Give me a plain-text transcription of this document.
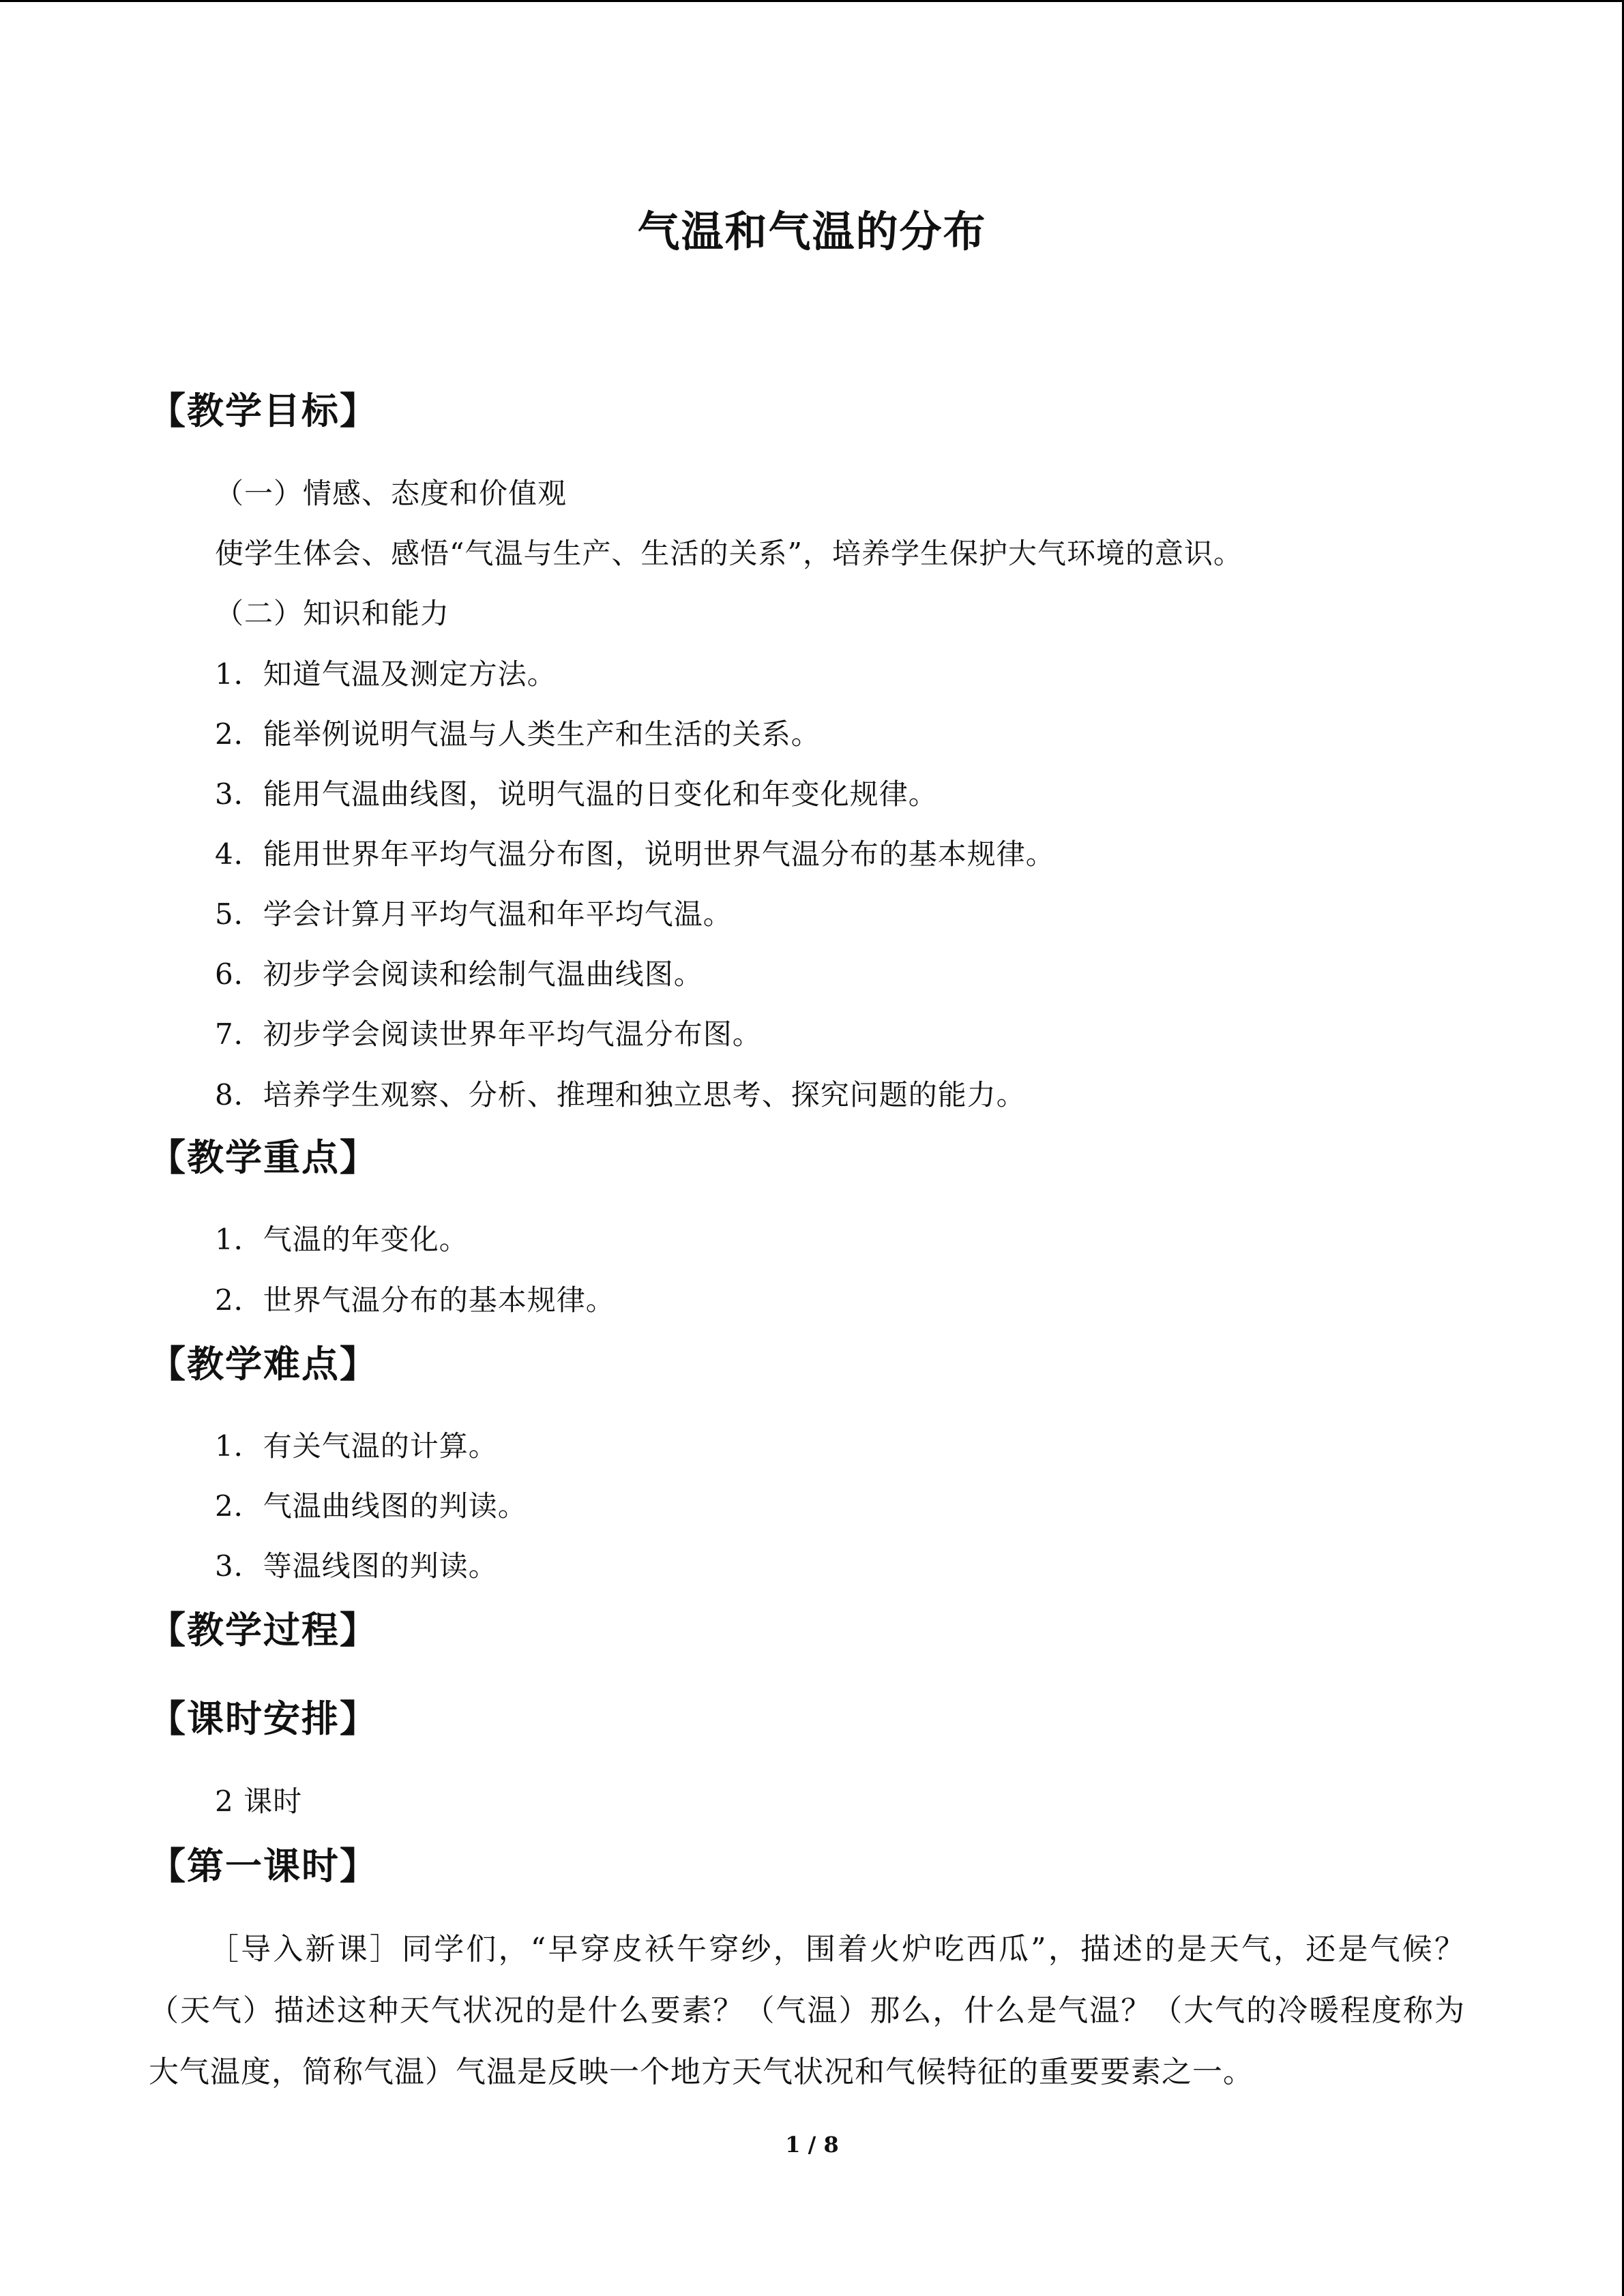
气温和气温的分布
【教学目标】
（一）情感、态度和价值观
使学生体会、感悟“气温与生产、生活的关系”，培养学生保护大气环境的意识。
（二）知识和能力
1．知道气温及测定方法。
2．能举例说明气温与人类生产和生活的关系。
3．能用气温曲线图，说明气温的日变化和年变化规律。
4．能用世界年平均气温分布图，说明世界气温分布的基本规律。
5．学会计算月平均气温和年平均气温。
6．初步学会阅读和绘制气温曲线图。
7．初步学会阅读世界年平均气温分布图。
8．培养学生观察、分析、推理和独立思考、探究问题的能力。
【教学重点】
1．气温的年变化。
2．世界气温分布的基本规律。
【教学难点】
1．有关气温的计算。
2．气温曲线图的判读。
3．等温线图的判读。
【教学过程】
【课时安排】
2 课时
【第一课时】
［导入新课］同学们，“早穿皮袄午穿纱，围着火炉吃西瓜”，描述的是天气，还是气候？（天气）描述这种天气状况的是什么要素？（气温）那么，什么是气温？（大气的冷暖程度称为大气温度，简称气温）气温是反映一个地方天气状况和气候特征的重要要素之一。
1 / 8
